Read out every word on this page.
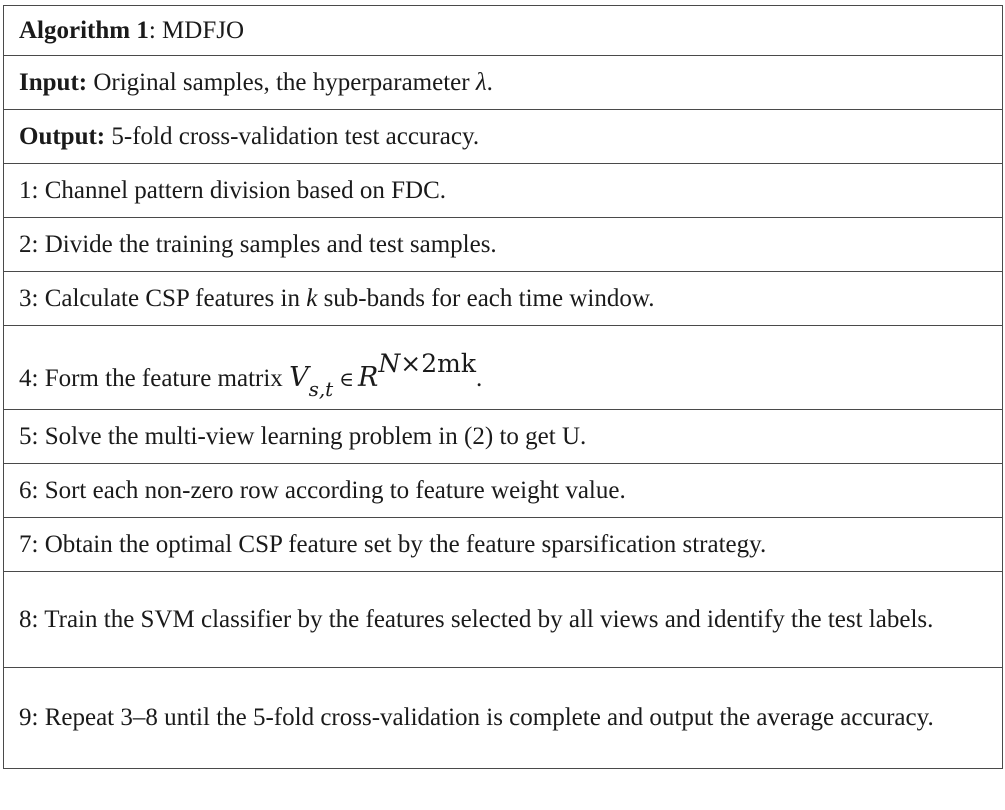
Algorithm 1: MDFJO
Input: Original samples, the hyperparameter λ.
Output: 5-fold cross-validation test accuracy.
1: Channel pattern division based on FDC.
2: Divide the training samples and test samples.
3: Calculate CSP features in k sub-bands for each time window.
4: Form the feature matrix $V_{s,t}$ ∈ RN×2mk.
5: Solve the multi-view learning problem in (2) to get U.
6: Sort each non-zero row according to feature weight value.
7: Obtain the optimal CSP feature set by the feature sparsification strategy.
8: Train the SVM classifier by the features selected by all views and identify the test labels.
9: Repeat 3–8 until the 5-fold cross-validation is complete and output the average accuracy.
